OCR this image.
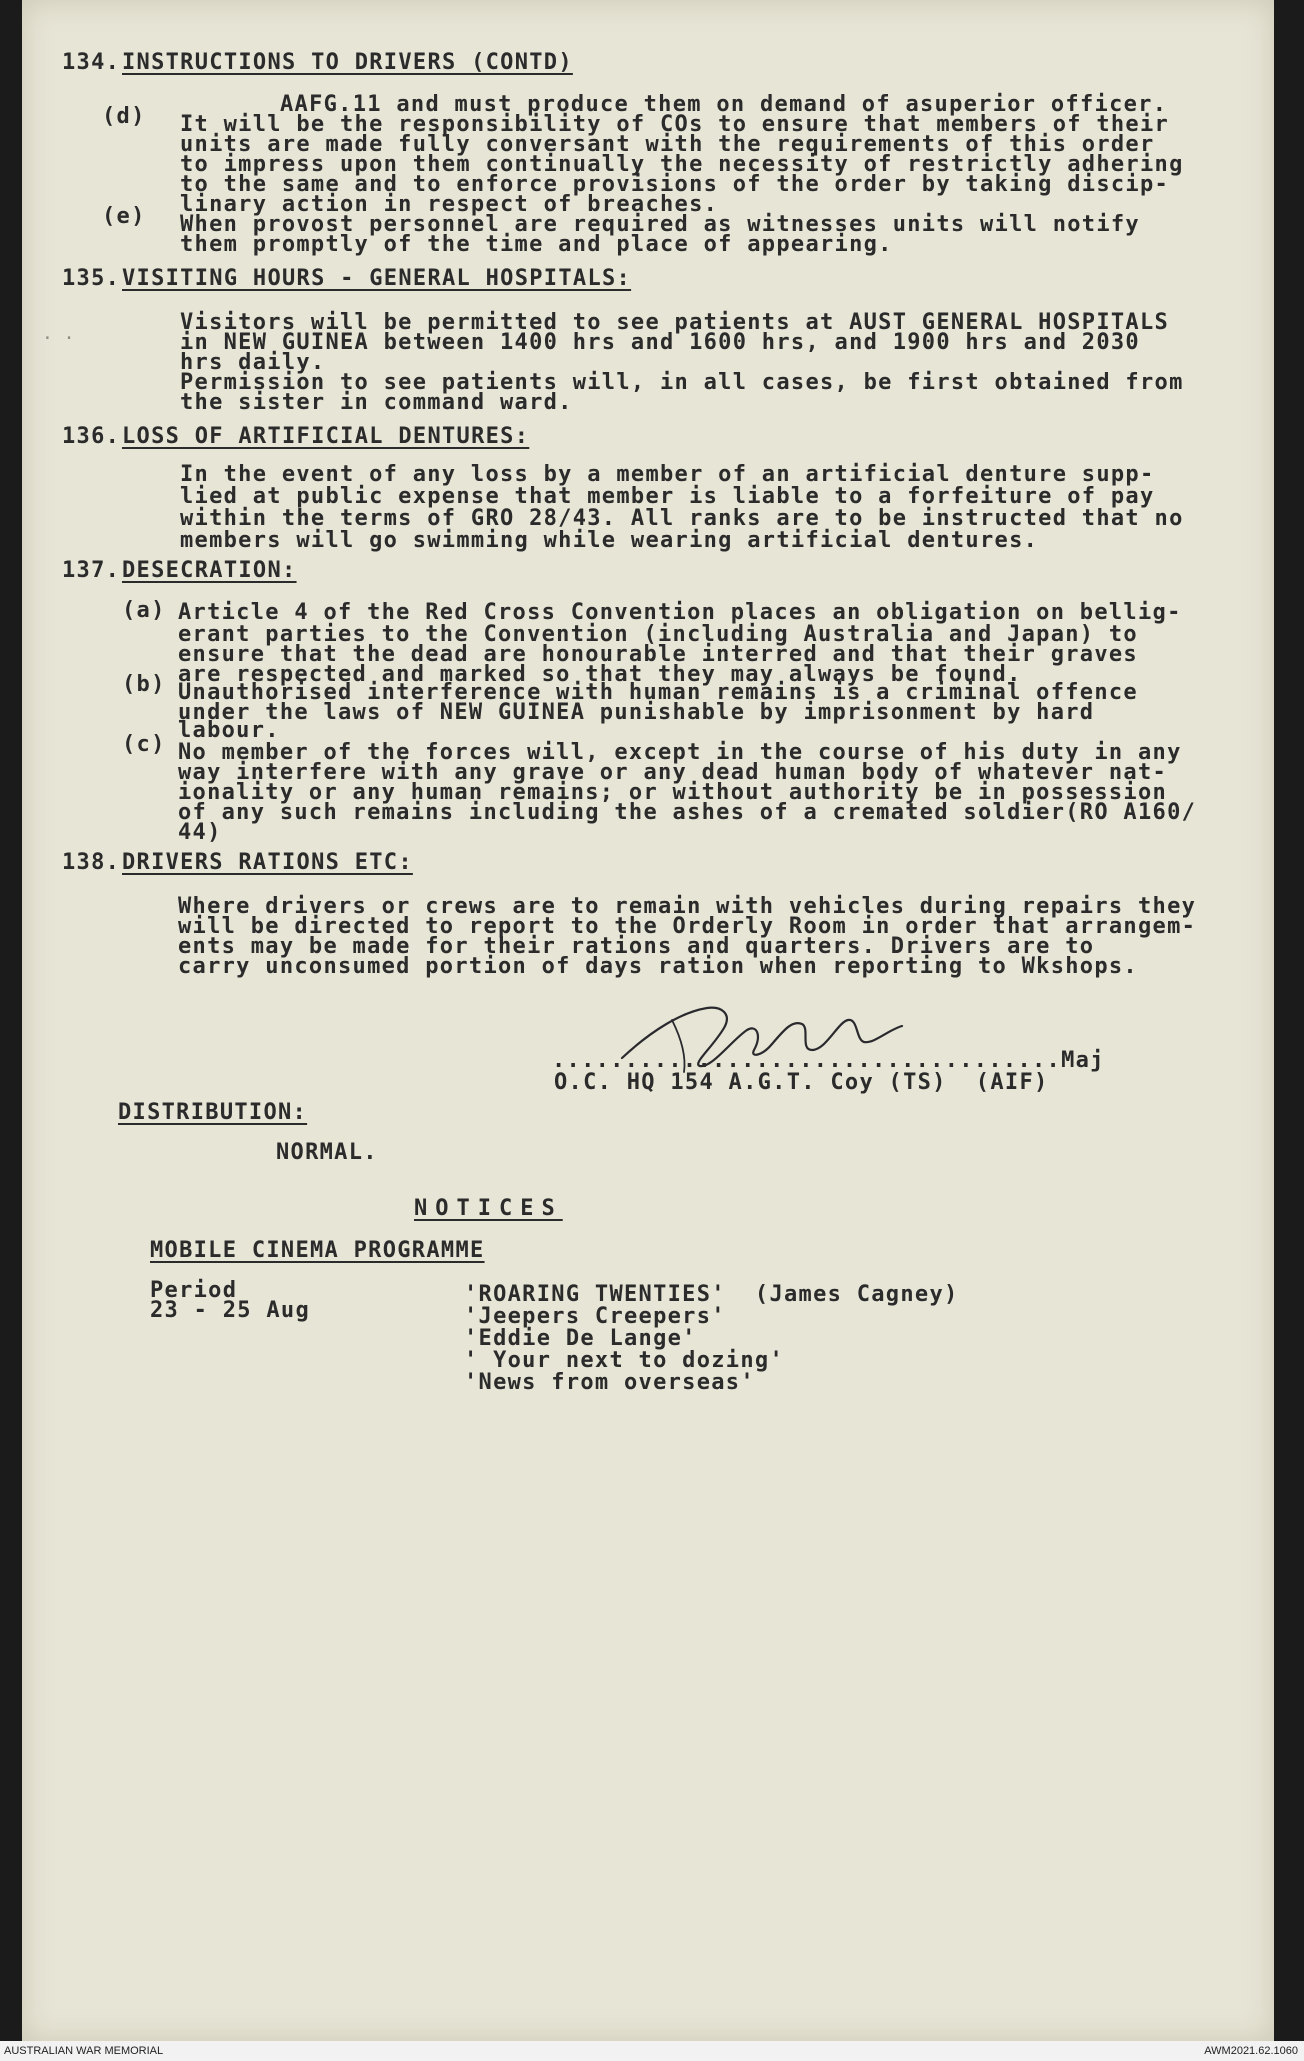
134. INSTRUCTIONS TO DRIVERS (CONTD)
AAFG.11 and must produce them on demand of asuperior officer.
(d) It will be the responsibility of COs to ensure that members of their
units are made fully conversant with the requirements of this order
to impress upon them continually the necessity of restrictly adhering
to the same and to enforce provisions of the order by taking discip-
linary action in respect of breaches.
(e) When provost personnel are required as witnesses units will notify
them promptly of the time and place of appearing.
135. VISITING HOURS - GENERAL HOSPITALS:
· ·
Visitors will be permitted to see patients at AUST GENERAL HOSPITALS
in NEW GUINEA between 1400 hrs and 1600 hrs, and 1900 hrs and 2030
hrs daily.
Permission to see patients will, in all cases, be first obtained from
the sister in command ward.
136. LOSS OF ARTIFICIAL DENTURES:
In the event of any loss by a member of an artificial denture supp-
lied at public expense that member is liable to a forfeiture of pay
within the terms of GRO 28/43. All ranks are to be instructed that no
members will go swimming while wearing artificial dentures.
137. DESECRATION:
(a) Article 4 of the Red Cross Convention places an obligation on bellig-
erant parties to the Convention (including Australia and Japan) to
ensure that the dead are honourable interred and that their graves
are respected and marked so that they may always be found.
(b) Unauthorised interference with human remains is a criminal offence
under the laws of NEW GUINEA punishable by imprisonment by hard
labour.
(c) No member of the forces will, except in the course of his duty in any
way interfere with any grave or any dead human body of whatever nat-
ionality or any human remains; or without authority be in possession
of any such remains including the ashes of a cremated soldier(RO A160/
44)
138. DRIVERS RATIONS ETC:
Where drivers or crews are to remain with vehicles during repairs they
will be directed to report to the Orderly Room in order that arrangem-
ents may be made for their rations and quarters. Drivers are to
carry unconsumed portion of days ration when reporting to Wkshops.
...................................Maj
O.C. HQ 154 A.G.T. Coy (TS)  (AIF)
DISTRIBUTION:
NORMAL.
NOTICES
MOBILE CINEMA PROGRAMME
Period
23 - 25 Aug
'ROARING TWENTIES'  (James Cagney)
'Jeepers Creepers'
'Eddie De Lange'
' Your next to dozing'
'News from overseas'
AUSTRALIAN WAR MEMORIAL	AWM2021.62.1060
